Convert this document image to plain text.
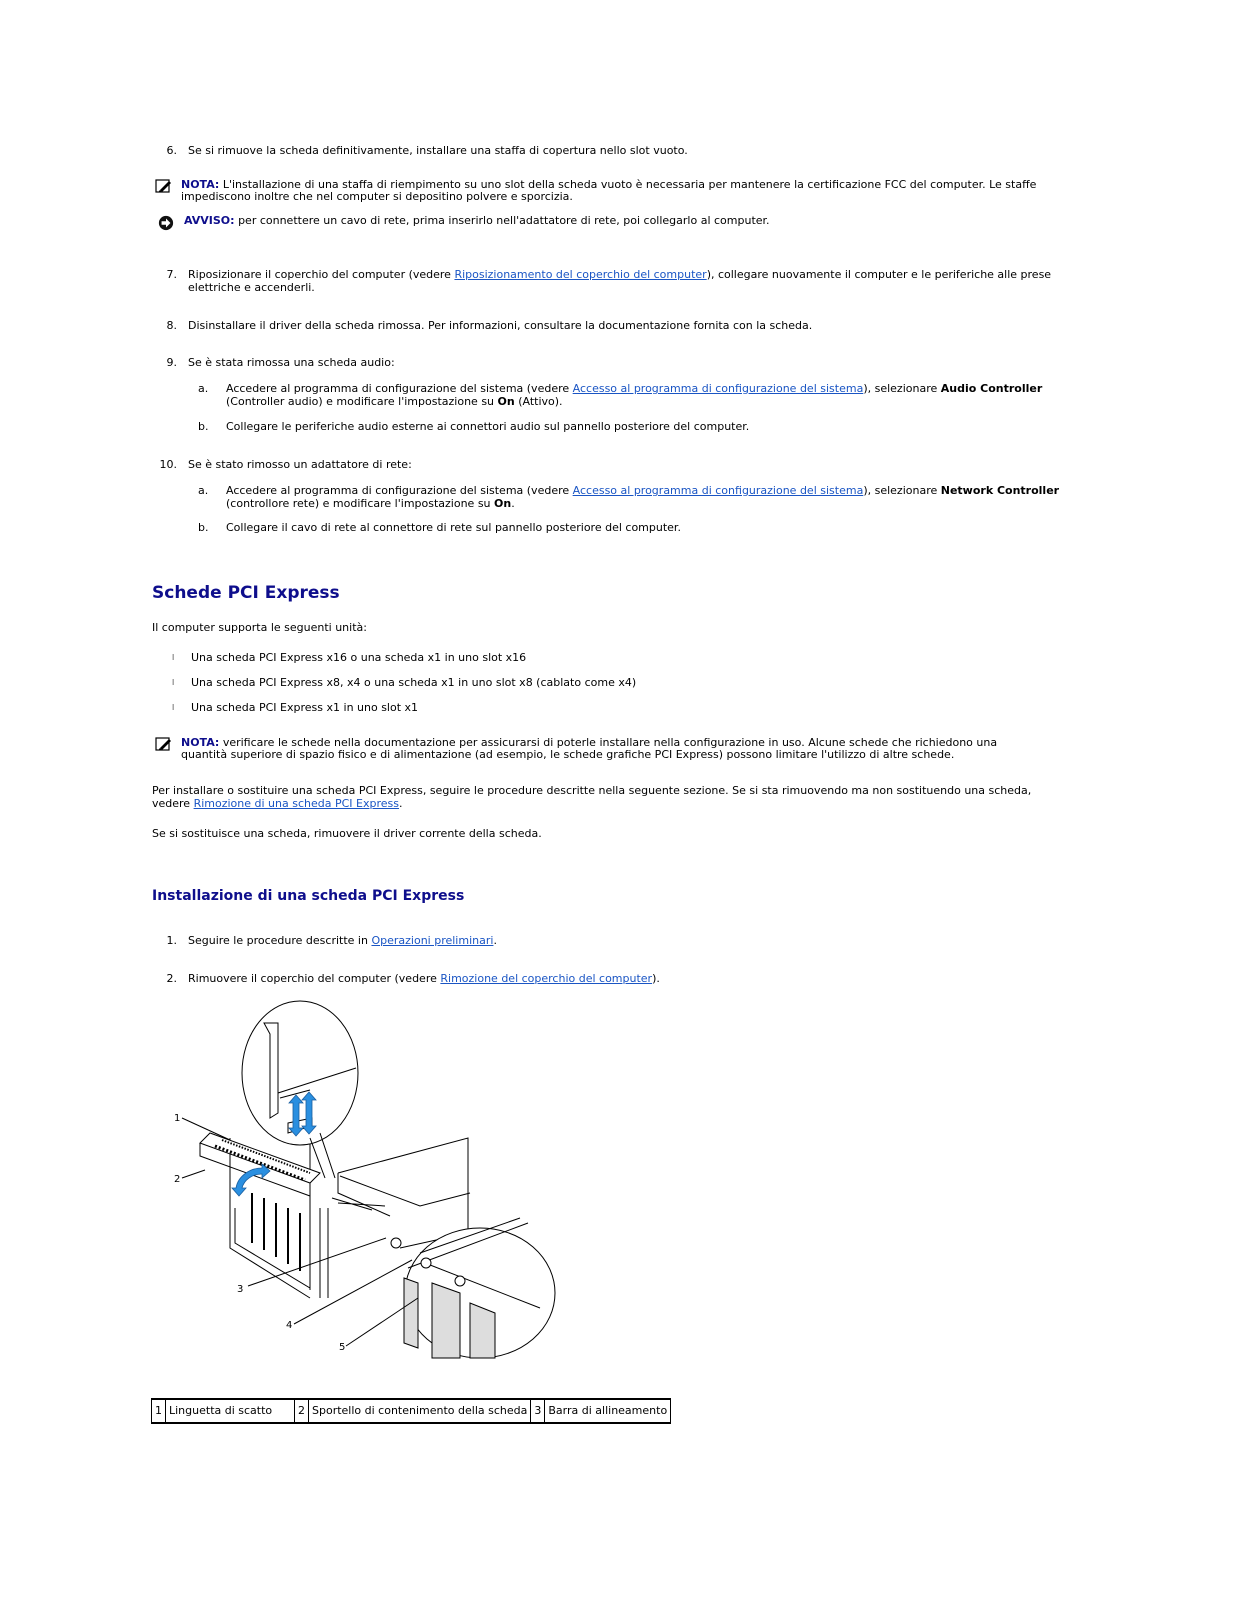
6. Se si rimuove la scheda definitivamente, installare una staffa di copertura nello slot vuoto.
NOTA: L'installazione di una staffa di riempimento su uno slot della scheda vuoto è necessaria per mantenere la certificazione FCC del computer. Le staffe impediscono inoltre che nel computer si depositino polvere e sporcizia.
AVVISO: per connettere un cavo di rete, prima inserirlo nell'adattatore di rete, poi collegarlo al computer.
7. Riposizionare il coperchio del computer (vedere Riposizionamento del coperchio del computer), collegare nuovamente il computer e le periferiche alle prese elettriche e accenderli.
8. Disinstallare il driver della scheda rimossa. Per informazioni, consultare la documentazione fornita con la scheda.
9. Se è stata rimossa una scheda audio:
a.	Accedere al programma di configurazione del sistema (vedere Accesso al programma di configurazione del sistema), selezionare Audio Controller (Controller audio) e modificare l'impostazione su On (Attivo).
b.	Collegare le periferiche audio esterne ai connettori audio sul pannello posteriore del computer.
10. Se è stato rimosso un adattatore di rete:
a.	Accedere al programma di configurazione del sistema (vedere Accesso al programma di configurazione del sistema), selezionare Network Controller (controllore rete) e modificare l'impostazione su On.
b.	Collegare il cavo di rete al connettore di rete sul pannello posteriore del computer.
Schede PCI Express
Il computer supporta le seguenti unità:
l Una scheda PCI Express x16 o una scheda x1 in uno slot x16
l Una scheda PCI Express x8, x4 o una scheda x1 in uno slot x8 (cablato come x4)
l Una scheda PCI Express x1 in uno slot x1
NOTA: verificare le schede nella documentazione per assicurarsi di poterle installare nella configurazione in uso. Alcune schede che richiedono una quantità superiore di spazio fisico e di alimentazione (ad esempio, le schede grafiche PCI Express) possono limitare l'utilizzo di altre schede.
Per installare o sostituire una scheda PCI Express, seguire le procedure descritte nella seguente sezione. Se si sta rimuovendo ma non sostituendo una scheda, vedere Rimozione di una scheda PCI Express.
Se si sostituisce una scheda, rimuovere il driver corrente della scheda.
Installazione di una scheda PCI Express
1. Seguire le procedure descritte in Operazioni preliminari.
2. Rimuovere il coperchio del computer (vedere Rimozione del coperchio del computer).
1
2
3
4
5
1	Linguetta di scatto	2	Sportello di contenimento della scheda	3	Barra di allineamento
